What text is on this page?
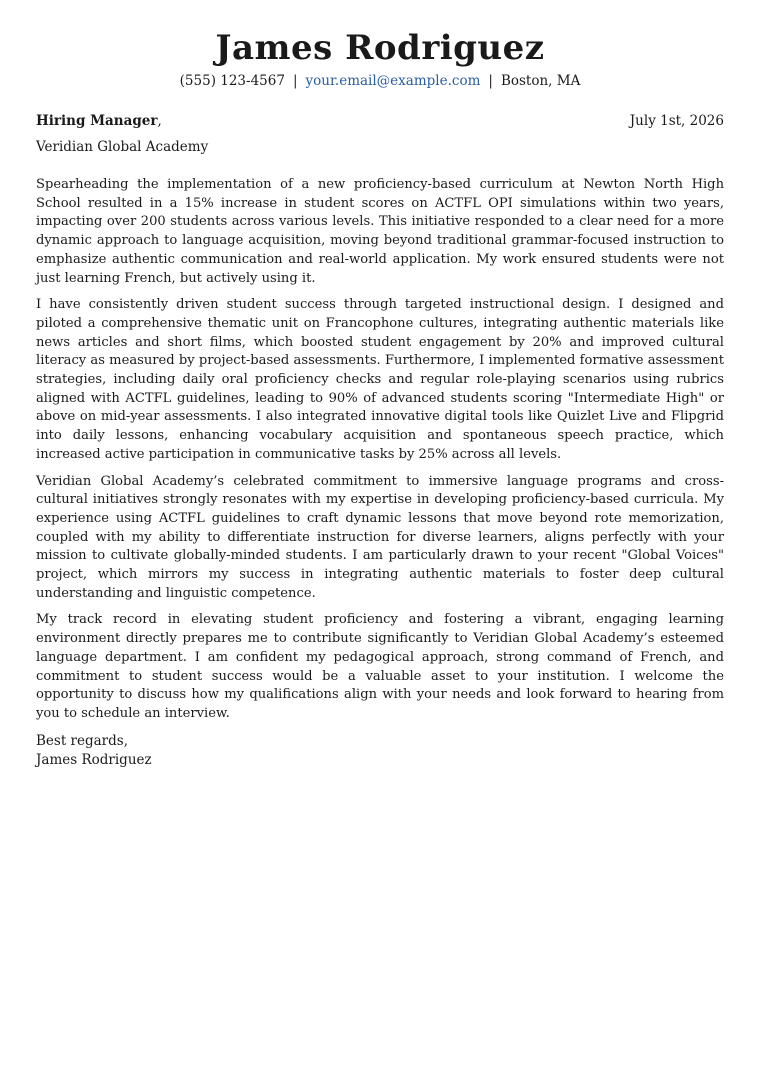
James Rodriguez
(555) 123-4567 | your.email@example.com | Boston, MA
Hiring Manager,	July 1st, 2026
Veridian Global Academy

Spearheading the implementation of a new proficiency-based curriculum at Newton North High School resulted in a 15% increase in student scores on ACTFL OPI simulations within two years, impacting over 200 students across various levels. This initiative responded to a clear need for a more dynamic approach to language acquisition, moving beyond traditional grammar-focused instruction to emphasize authentic communication and real-world application. My work ensured students were not just learning French, but actively using it.

I have consistently driven student success through targeted instructional design. I designed and piloted a comprehensive thematic unit on Francophone cultures, integrating authentic materials like news articles and short films, which boosted student engagement by 20% and improved cultural literacy as measured by project-based assessments. Furthermore, I implemented formative assessment strategies, including daily oral proficiency checks and regular role-playing scenarios using rubrics aligned with ACTFL guidelines, leading to 90% of advanced students scoring "Intermediate High" or above on mid-year assessments. I also integrated innovative digital tools like Quizlet Live and Flipgrid into daily lessons, enhancing vocabulary acquisition and spontaneous speech practice, which increased active participation in communicative tasks by 25% across all levels.

Veridian Global Academy’s celebrated commitment to immersive language programs and cross-cultural initiatives strongly resonates with my expertise in developing proficiency-based curricula. My experience using ACTFL guidelines to craft dynamic lessons that move beyond rote memorization, coupled with my ability to differentiate instruction for diverse learners, aligns perfectly with your mission to cultivate globally-minded students. I am particularly drawn to your recent "Global Voices" project, which mirrors my success in integrating authentic materials to foster deep cultural understanding and linguistic competence.

My track record in elevating student proficiency and fostering a vibrant, engaging learning environment directly prepares me to contribute significantly to Veridian Global Academy’s esteemed language department. I am confident my pedagogical approach, strong command of French, and commitment to student success would be a valuable asset to your institution. I welcome the opportunity to discuss how my qualifications align with your needs and look forward to hearing from you to schedule an interview.

Best regards,
James Rodriguez
